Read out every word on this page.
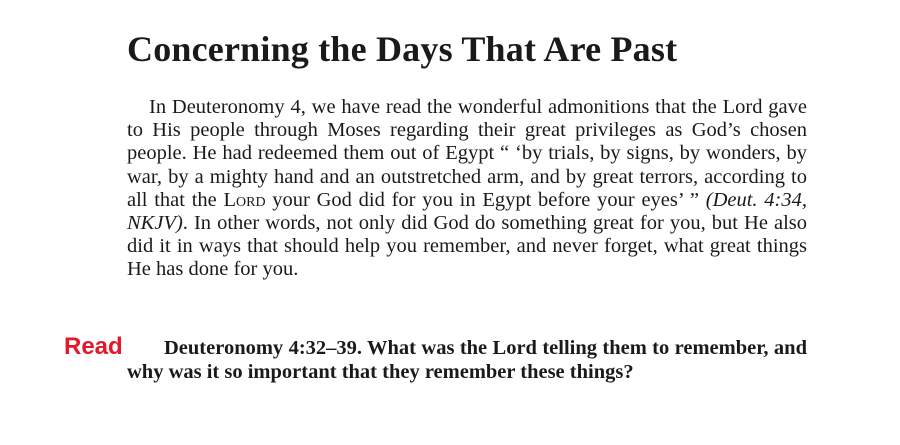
Concerning the Days That Are Past

In Deuteronomy 4, we have read the wonderful admonitions that the Lord gave to His people through Moses regarding their great privileges as God’s chosen people. He had redeemed them out of Egypt “ ‘by trials, by signs, by wonders, by war, by a mighty hand and an outstretched arm, and by great terrors, according to all that the Lord your God did for you in Egypt before your eyes’ ” (Deut. 4:34, NKJV). In other words, not only did God do something great for you, but He also did it in ways that should help you remember, and never forget, what great things He has done for you.

Read	Deuteronomy 4:32–39. What was the Lord telling them to remember, and why was it so important that they remember these things?
